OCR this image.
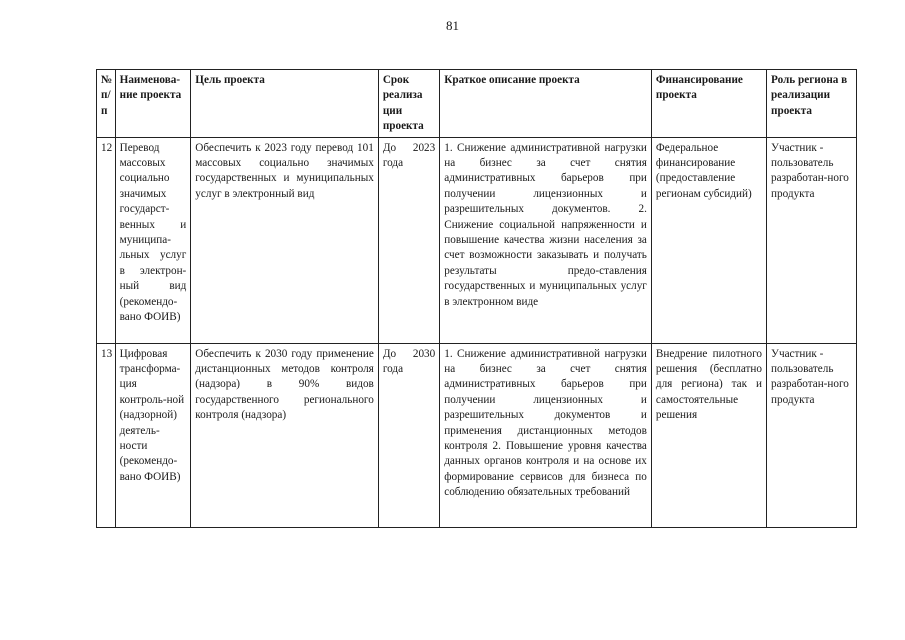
81
№ п/ п	Наименова-ние проекта	Цель проекта	Срок реализа ции проекта	Краткое описание проекта	Финансирование проекта	Роль региона в реализации проекта
12	Перевод массовых социально значимых государст-венных и муниципа-льных услуг в электрон-ный вид (рекомендо-вано ФОИВ)	Обеспечить к 2023 году перевод 101 массовых социально значимых государственных и муниципальных услуг в электронный вид	До 2023 года	1. Снижение административной нагрузки на бизнес за счет снятия административных барьеров при получении лицензионных и разрешительных документов. 2. Снижение социальной напряженности и повышение качества жизни населения за счет возможности заказывать и получать результаты предо-ставления государственных и муниципальных услуг в электронном виде	Федеральное финансирование (предоставление регионам субсидий)	Участник - пользователь разработан-ного продукта
13	Цифровая трансформа-ция контроль-ной (надзорной) деятель-ности (рекомендо-вано ФОИВ)	Обеспечить к 2030 году применение дистанционных методов контроля (надзора) в 90% видов государственного регионального контроля (надзора)	До 2030 года	1. Снижение административной нагрузки на бизнес за счет снятия административных барьеров при получении лицензионных и разрешительных документов и применения дистанционных методов контроля 2. Повышение уровня качества данных органов контроля и на основе их формирование сервисов для бизнеса по соблюдению обязательных требований	Внедрение пилотного решения (бесплатно для региона) так и самостоятельные решения	Участник - пользователь разработан-ного продукта
